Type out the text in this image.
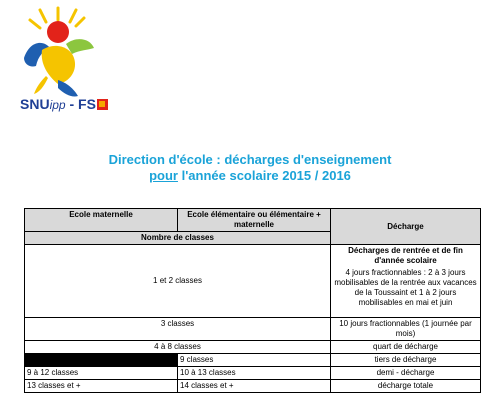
SNUipp - FS
Direction d'école : décharges d'enseignement
pour l'année scolaire 2015 / 2016
Ecole maternelle	Ecole élémentaire ou élémentaire + maternelle	Décharge
Nombre de classes		
1 et 2 classes		Décharges de rentrée et de fin d'année scolaire
4 jours fractionnables : 2 à 3 jours mobilisables de la rentrée aux vacances de la Toussaint et 1 à 2 jours mobilisables en mai et juin

3 classes		10 jours fractionnables (1 journée par mois)
4 à 8 classes		quart de décharge
	9 classes	tiers de décharge
9 à 12 classes	10 à 13 classes	demi - décharge
13 classes et +	14 classes et +	décharge totale
